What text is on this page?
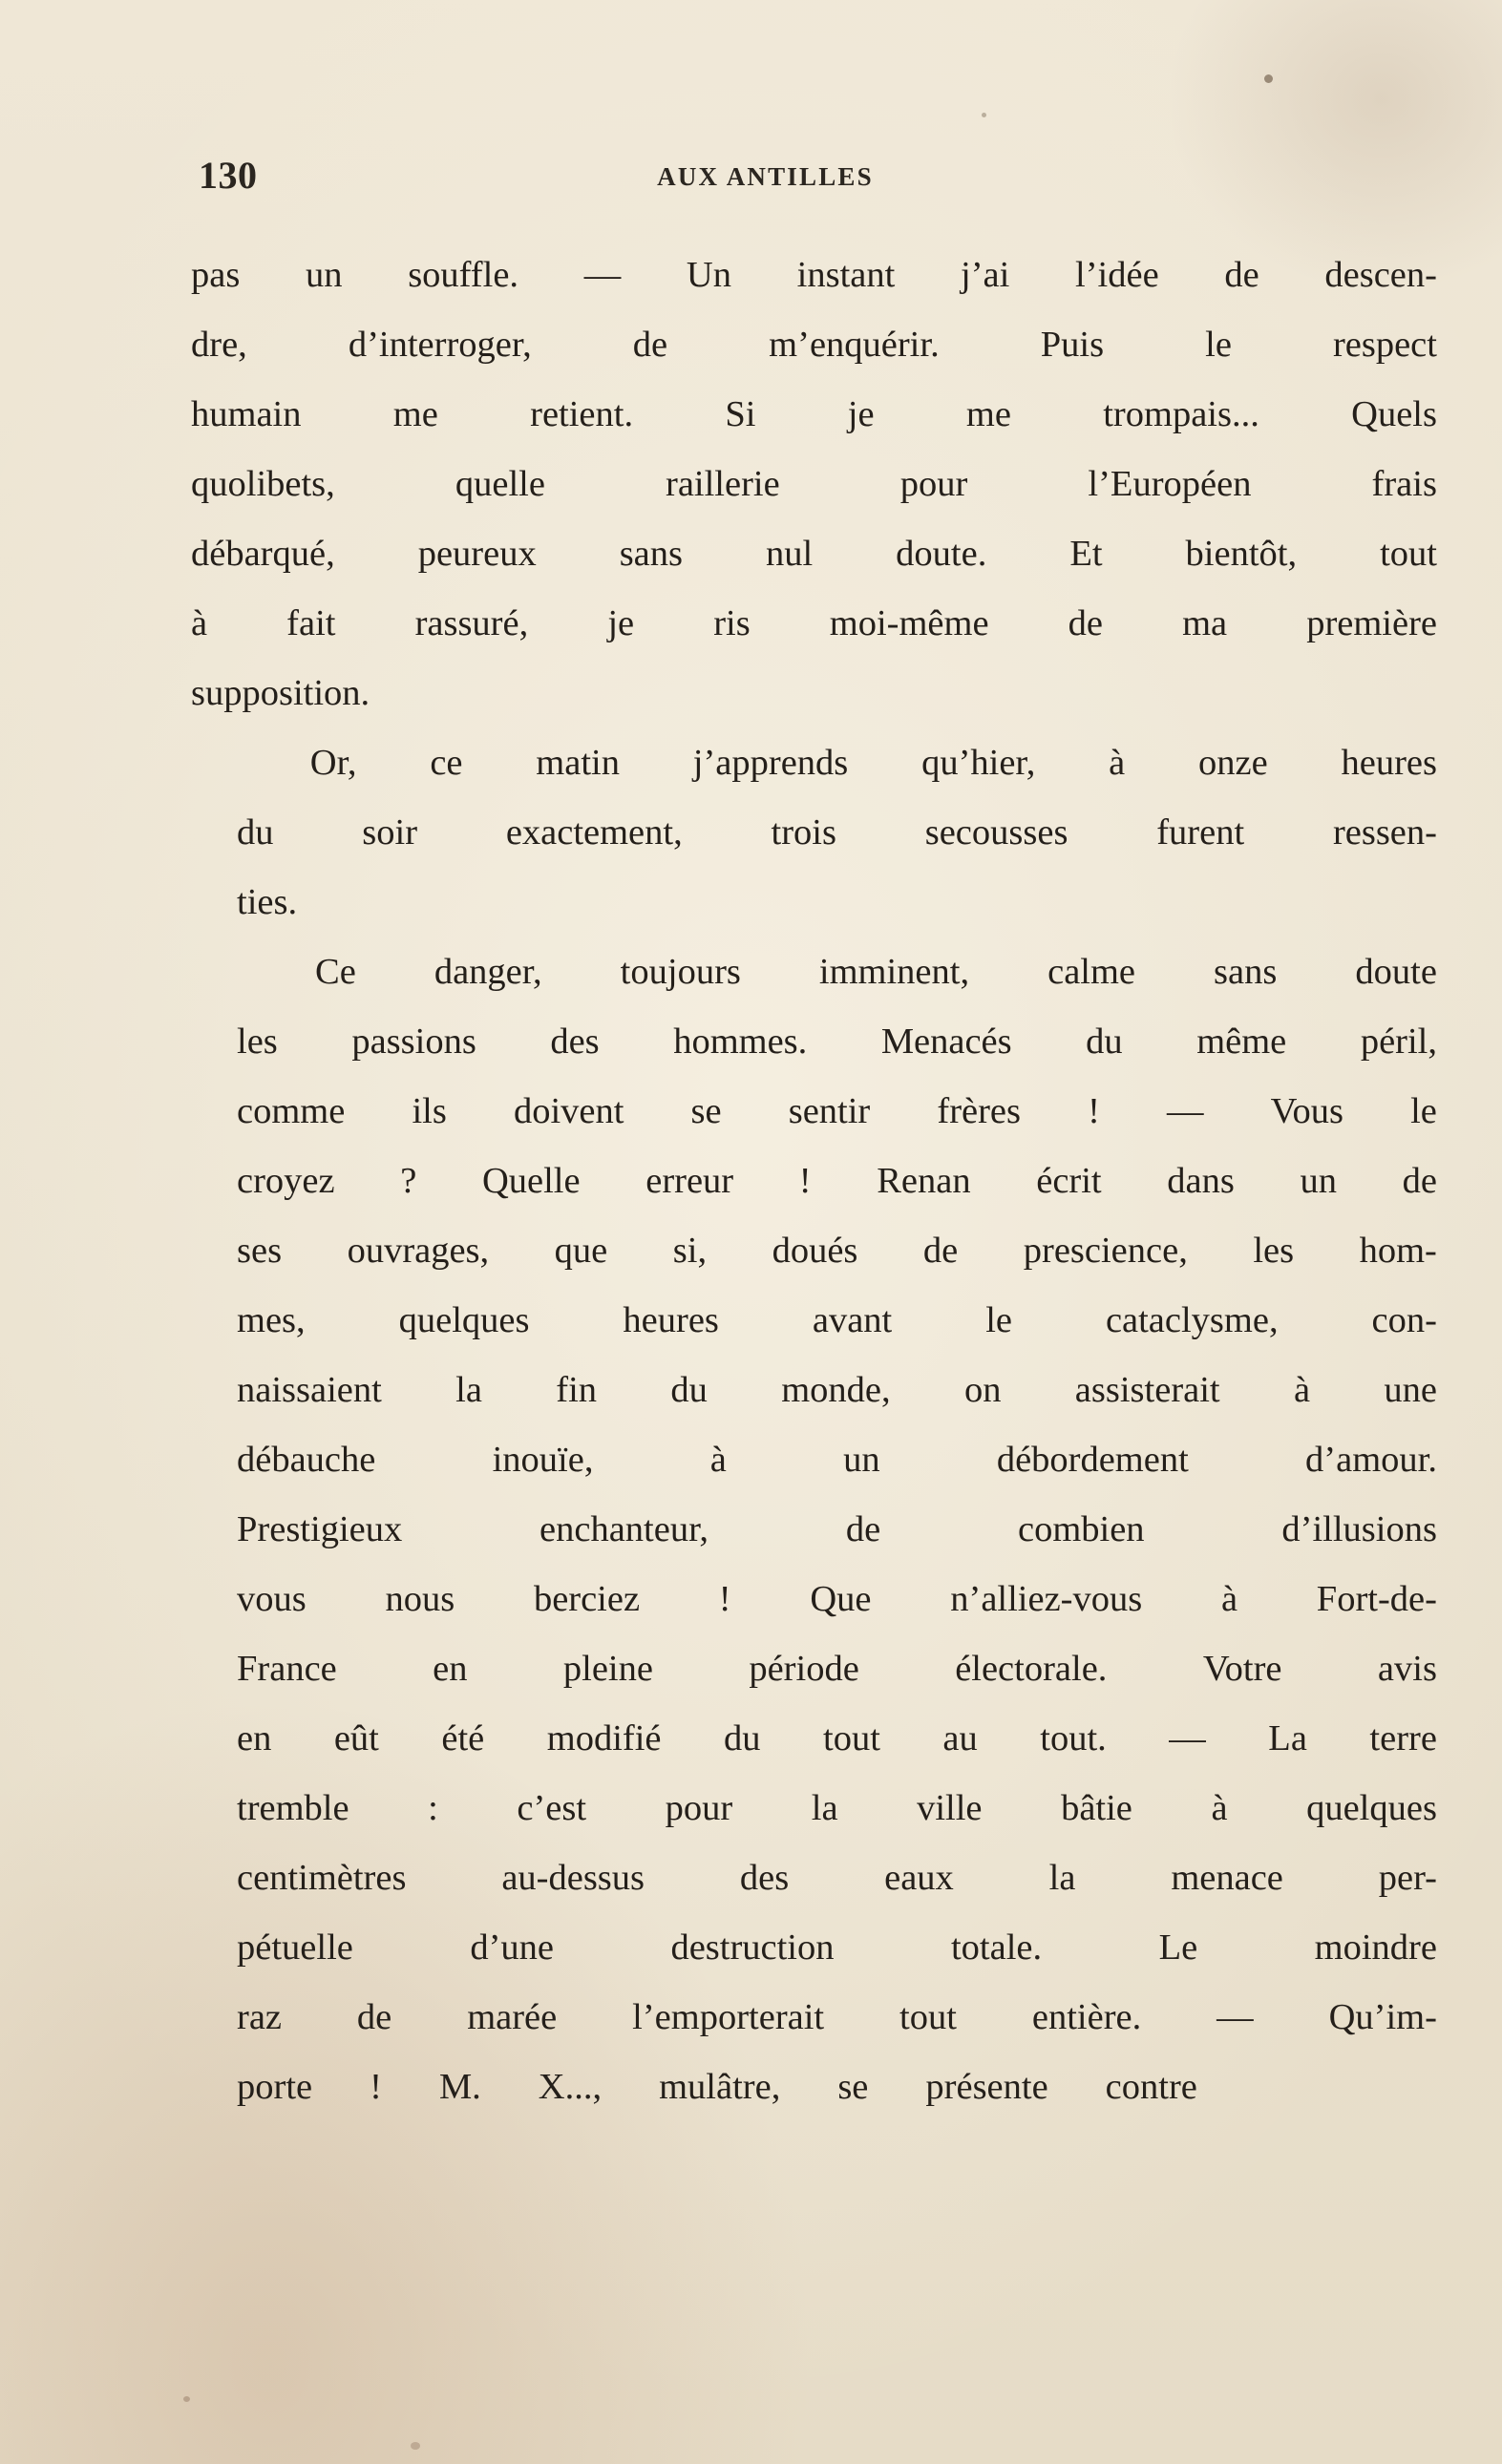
130	AUX ANTILLES
pas un souffle. — Un instant j’ai l’idée de descen-
dre,	d’interroger,	de	m’enquérir.	Puis	le	respect
humain	me	retient.	Si	je	me	trompais...	Quels
quolibets,	quelle	raillerie	pour	l’Européen	frais
débarqué, peureux sans nul doute. Et bientôt, tout
à fait rassuré, je ris moi-même de ma première
supposition.
Or,	ce	matin	j’apprends	qu’hier,	à	onze	heures
du	soir	exactement,	trois	secousses	furent	ressen-
ties.
Ce	danger,	toujours	imminent,	calme	sans	doute
les	passions	des	hommes.	Menacés	du	même	péril,
comme	ils	doivent	se	sentir	frères	!	—	Vous	le
croyez	?	Quelle	erreur	!	Renan	écrit	dans	un	de
ses	ouvrages,	que	si,	doués	de	prescience,	les	hom-
mes,	quelques	heures	avant	le	cataclysme,	con-
naissaient	la	fin	du	monde,	on	assisterait	à	une
débauche	inouïe,	à	un	débordement	d’amour.
Prestigieux	enchanteur,	de	combien	d’illusions
vous	nous	berciez	!	Que	n’alliez-vous	à	Fort-de-
France	en	pleine	période	électorale.	Votre	avis
en	eût	été	modifié	du	tout	au	tout.	—	La	terre
tremble	:	c’est	pour	la	ville	bâtie	à	quelques
centimètres	au-dessus	des	eaux	la	menace	per-
pétuelle	d’une	destruction	totale.	Le	moindre
raz	de	marée	l’emporterait	tout	entière.	—	Qu’im-
porte	!	M.	X...,	mulâtre,	se	présente	contre
